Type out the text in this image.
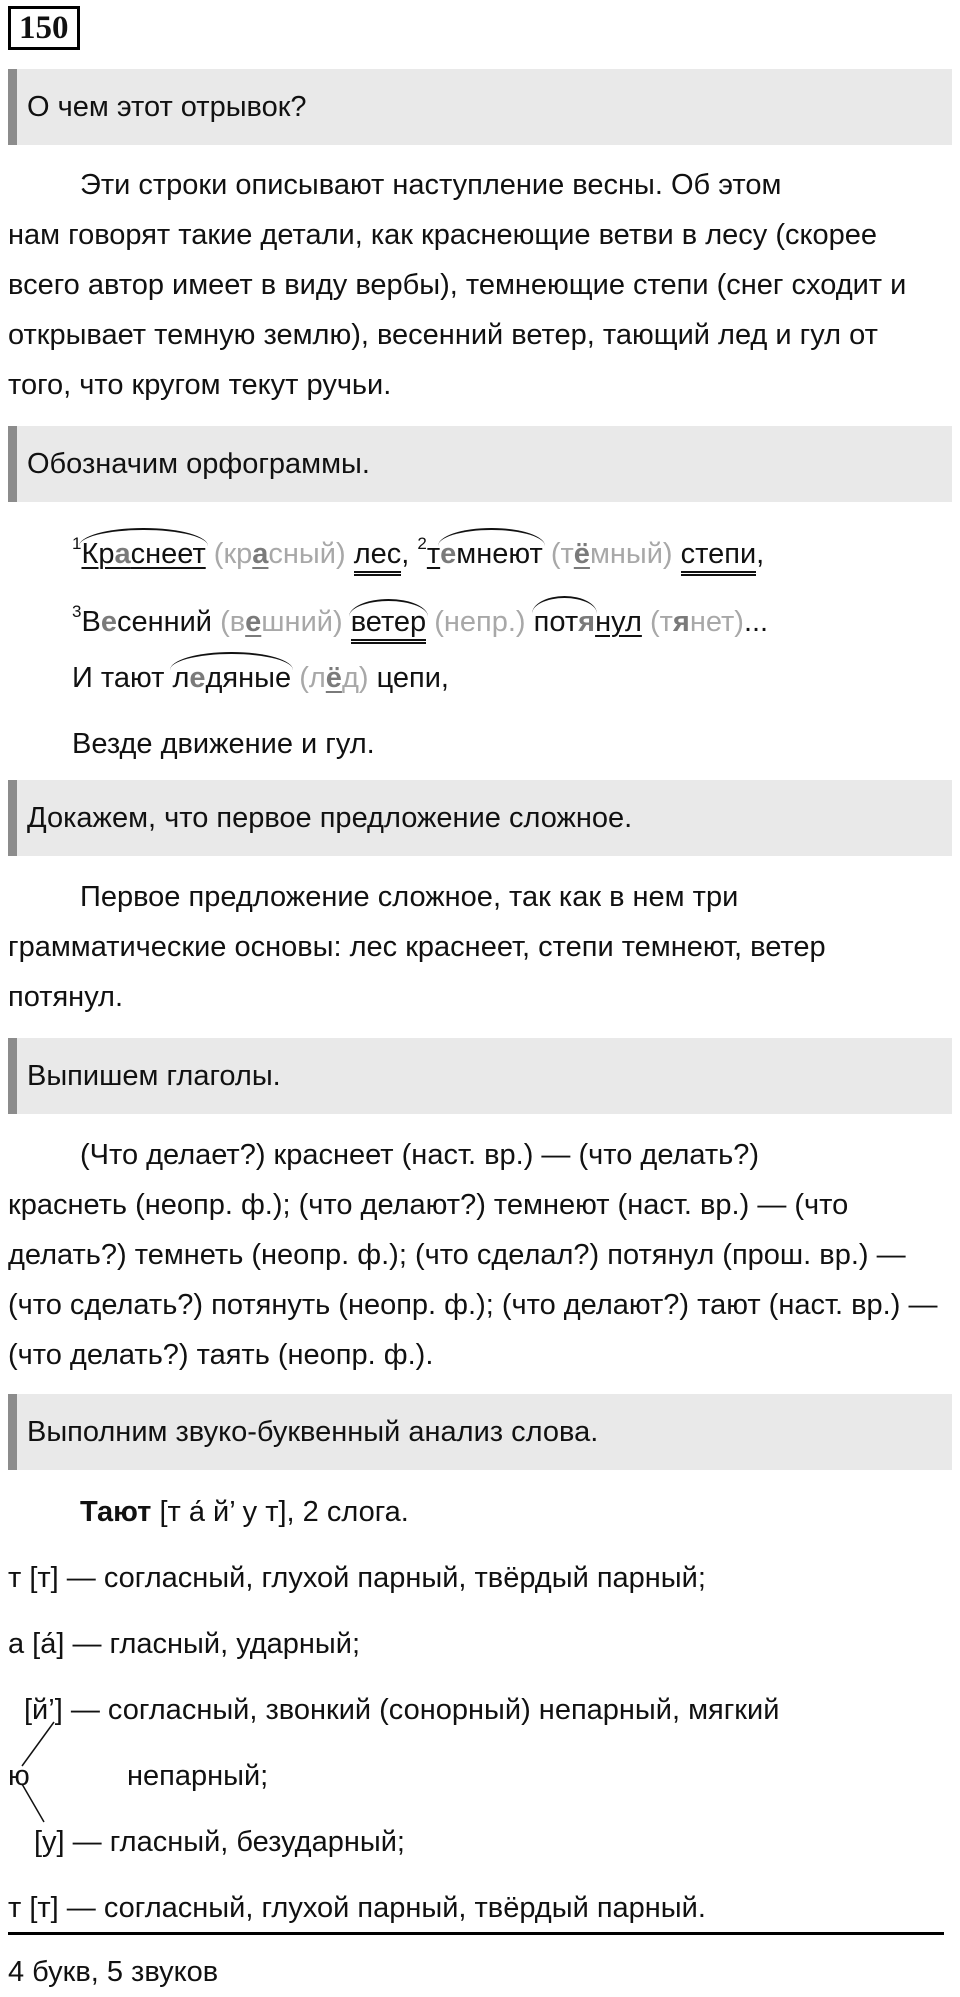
150
О чем этот отрывок?
Эти строки описывают наступление весны. Об этом
нам говорят такие детали, как краснеющие ветви в лесу (скорее всего автор имеет в виду вербы), темнеющие степи (снег сходит и открывает темную землю), весенний ветер, тающий лед и гул от того, что кругом текут ручьи.
Обозначим орфограммы.
$^1$Краснеет (красный) лес, $^2$темнеют (тёмный) степи,
$^3$Весенний (вешний) ветер (непр.) потянул (тянет)...
И тают ледяные (лёд) цепи,
Везде движение и гул.
Докажем, что первое предложение сложное.
Первое предложение сложное, так как в нем три
грамматические основы: лес краснеет, степи темнеют, ветер потянул.
Выпишем глаголы.
(Что делает?) краснеет (наст. вр.) — (что делать?)
краснеть (неопр. ф.); (что делают?) темнеют (наст. вр.) — (что делать?) темнеть (неопр. ф.); (что сделал?) потянул (прош. вр.) — (что сделать?) потянуть (неопр. ф.); (что делают?) тают (наст. вр.) — (что делать?) таять (неопр. ф.).
Выполним звуко-буквенный анализ слова.
Тают [т а́ й’ у т], 2 слога.
т [т] — согласный, глухой парный, твёрдый парный;
а [а́] — гласный, ударный;
[й’] — согласный, звонкий (сонорный) непарный, мягкий
ю	непарный;
[у] — гласный, безударный;
т [т] — согласный, глухой парный, твёрдый парный.
4 букв, 5 звуков
